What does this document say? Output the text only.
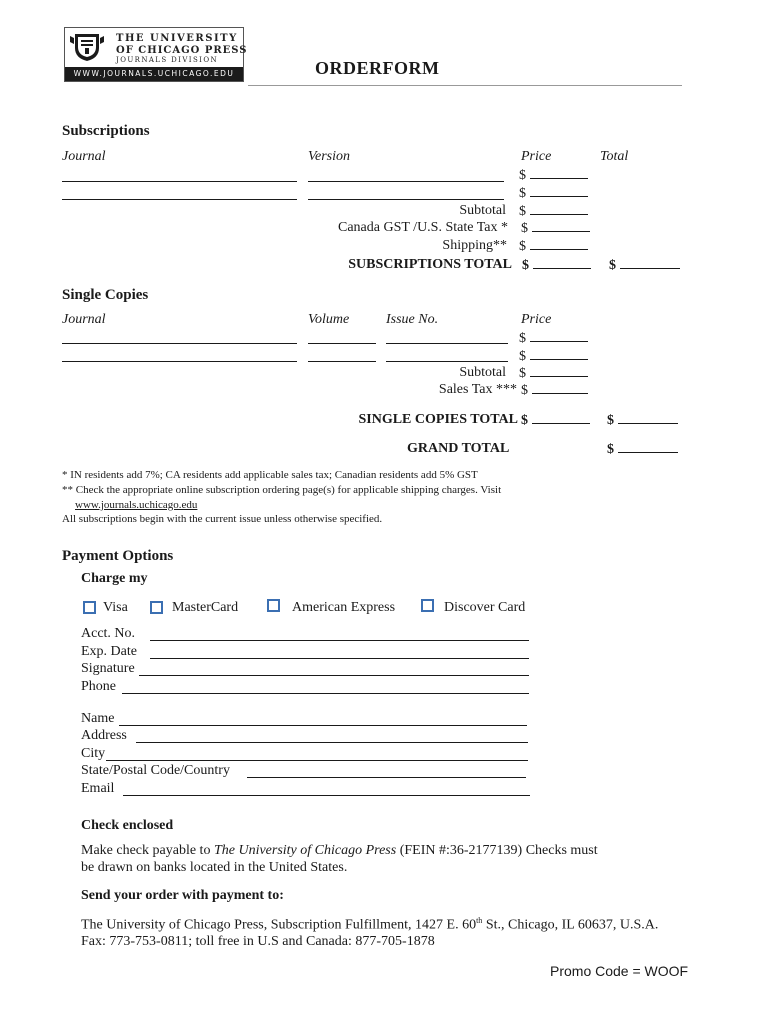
THE UNIVERSITY
OF CHICAGO PRESS
JOURNALS DIVISION
WWW.JOURNALS.UCHICAGO.EDU	ORDERFORM
Subscriptions
Journal	Version	Price	Total
$
$
Subtotal $
Canada GST /U.S. State Tax * $
Shipping** $
SUBSCRIPTIONS TOTAL $	$
Single Copies
Journal	Volume	Issue No.	Price
$
$
Subtotal $
Sales Tax *** $
SINGLE COPIES TOTAL $	$
GRAND TOTAL	$
* IN residents add 7%; CA residents add applicable sales tax; Canadian residents add 5% GST
** Check the appropriate online subscription ordering page(s) for applicable shipping charges. Visit
www.journals.uchicago.edu
All subscriptions begin with the current issue unless otherwise specified.
Payment Options
Charge my
Visa	MasterCard	American Express	Discover Card
Acct. No.
Exp. Date
Signature
Phone
Name
Address
City
State/Postal Code/Country
Email
Check enclosed
Make check payable to The University of Chicago Press (FEIN #:36-2177139) Checks must
be drawn on banks located in the United States.
Send your order with payment to:
The University of Chicago Press, Subscription Fulfillment, 1427 E. 60th St., Chicago, IL 60637, U.S.A.
Fax: 773-753-0811; toll free in U.S and Canada: 877-705-1878
Promo Code = WOOF
